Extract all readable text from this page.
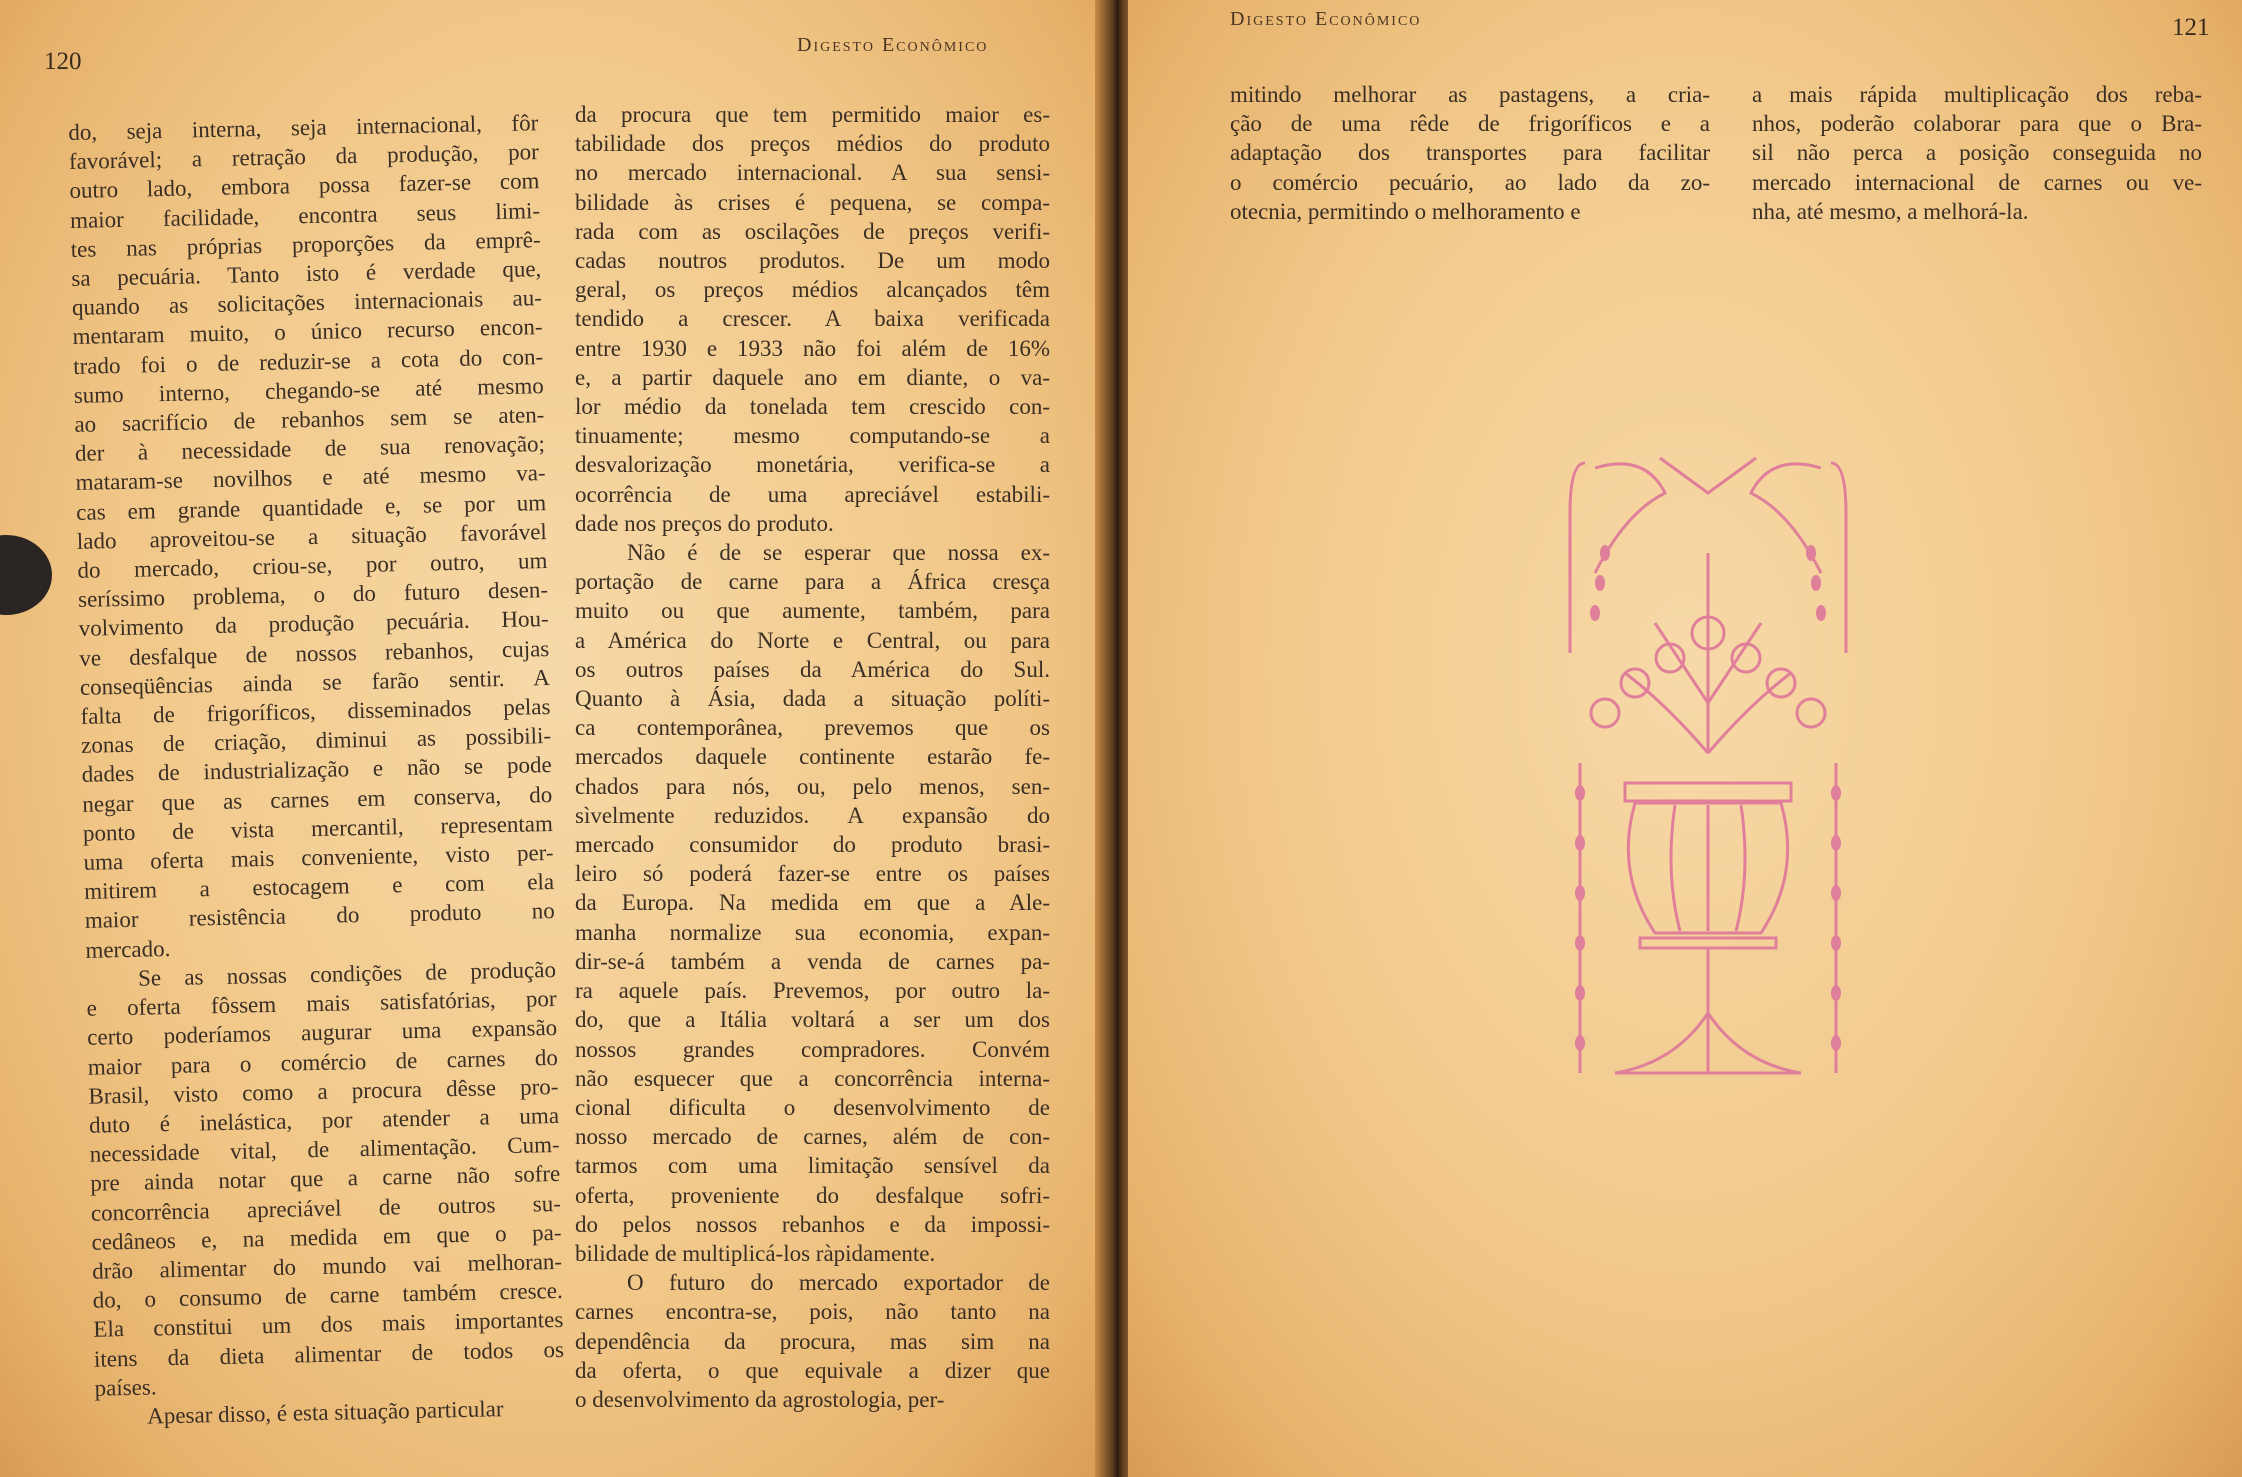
120
Digesto Econômico
do, seja interna, seja internacional, fôr
favorável; a retração da produção, por
outro lado, embora possa fazer-se com
maior facilidade, encontra seus limi-
tes nas próprias proporções da emprê-
sa pecuária. Tanto isto é verdade que,
quando as solicitações internacionais au-
mentaram muito, o único recurso encon-
trado foi o de reduzir-se a cota do con-
sumo interno, chegando-se até mesmo
ao sacrifício de rebanhos sem se aten-
der à necessidade de sua renovação;
mataram-se novilhos e até mesmo va-
cas em grande quantidade e, se por um
lado aproveitou-se a situação favorável
do mercado, criou-se, por outro, um
seríssimo problema, o do futuro desen-
volvimento da produção pecuária. Hou-
ve desfalque de nossos rebanhos, cujas
conseqüências ainda se farão sentir. A
falta de frigoríficos, disseminados pelas
zonas de criação, diminui as possibili-
dades de industrialização e não se pode
negar que as carnes em conserva, do
ponto de vista mercantil, representam
uma oferta mais conveniente, visto per-
mitirem a estocagem e com ela
maior resistência do produto no
mercado.
Se as nossas condições de produção
e oferta fôssem mais satisfatórias, por
certo poderíamos augurar uma expansão
maior para o comércio de carnes do
Brasil, visto como a procura dêsse pro-
duto é inelástica, por atender a uma
necessidade vital, de alimentação. Cum-
pre ainda notar que a carne não sofre
concorrência apreciável de outros su-
cedâneos e, na medida em que o pa-
drão alimentar do mundo vai melhoran-
do, o consumo de carne também cresce.
Ela constitui um dos mais importantes
itens da dieta alimentar de todos os
países.
Apesar disso, é esta situação particular
da procura que tem permitido maior es-
tabilidade dos preços médios do produto
no mercado internacional. A sua sensi-
bilidade às crises é pequena, se compa-
rada com as oscilações de preços verifi-
cadas noutros produtos. De um modo
geral, os preços médios alcançados têm
tendido a crescer. A baixa verificada
entre 1930 e 1933 não foi além de 16%
e, a partir daquele ano em diante, o va-
lor médio da tonelada tem crescido con-
tinuamente; mesmo computando-se a
desvalorização monetária, verifica-se a
ocorrência de uma apreciável estabili-
dade nos preços do produto.
Não é de se esperar que nossa ex-
portação de carne para a África cresça
muito ou que aumente, também, para
a América do Norte e Central, ou para
os outros países da América do Sul.
Quanto à Ásia, dada a situação políti-
ca contemporânea, prevemos que os
mercados daquele continente estarão fe-
chados para nós, ou, pelo menos, sen-
sìvelmente reduzidos. A expansão do
mercado consumidor do produto brasi-
leiro só poderá fazer-se entre os países
da Europa. Na medida em que a Ale-
manha normalize sua economia, expan-
dir-se-á também a venda de carnes pa-
ra aquele país. Prevemos, por outro la-
do, que a Itália voltará a ser um dos
nossos grandes compradores. Convém
não esquecer que a concorrência interna-
cional dificulta o desenvolvimento de
nosso mercado de carnes, além de con-
tarmos com uma limitação sensível da
oferta, proveniente do desfalque sofri-
do pelos nossos rebanhos e da impossi-
bilidade de multiplicá-los ràpidamente.
O futuro do mercado exportador de
carnes encontra-se, pois, não tanto na
dependência da procura, mas sim na
da oferta, o que equivale a dizer que
o desenvolvimento da agrostologia, per-
Digesto Econômico	121
mitindo melhorar as pastagens, a cria-
ção de uma rêde de frigoríficos e a
adaptação dos transportes para facilitar
o comércio pecuário, ao lado da zo-
otecnia, permitindo o melhoramento e
a mais rápida multiplicação dos reba-
nhos, poderão colaborar para que o Bra-
sil não perca a posição conseguida no
mercado internacional de carnes ou ve-
nha, até mesmo, a melhorá-la.
